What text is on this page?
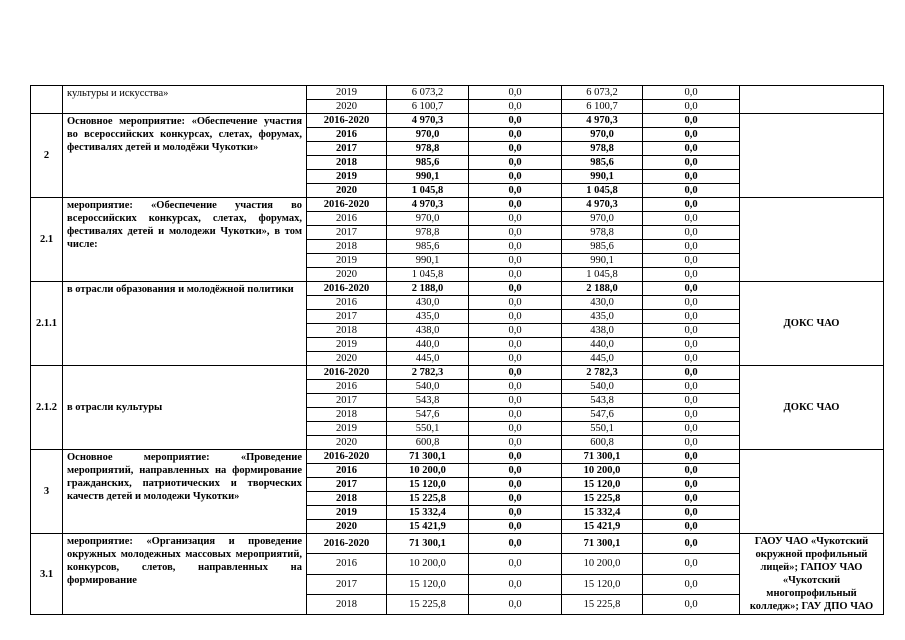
	культуры и искусства»	2019	6 073,2	0,0	6 073,2	0,0	
		2020	6 100,7	0,0	6 100,7	0,0	
2	Основное мероприятие: «Обеспечение участия во всероссийских конкурсах, слетах, форумах, фестивалях детей и молодёжи Чукотки»	2016-2020	4 970,3	0,0	4 970,3	0,0	
		2016	970,0	0,0	970,0	0,0	
		2017	978,8	0,0	978,8	0,0	
		2018	985,6	0,0	985,6	0,0	
		2019	990,1	0,0	990,1	0,0	
		2020	1 045,8	0,0	1 045,8	0,0	
2.1	мероприятие: «Обеспечение участия во всероссийских конкурсах, слетах, форумах, фестивалях детей и молодежи Чукотки», в том числе:	2016-2020	4 970,3	0,0	4 970,3	0,0	
		2016	970,0	0,0	970,0	0,0	
		2017	978,8	0,0	978,8	0,0	
		2018	985,6	0,0	985,6	0,0	
		2019	990,1	0,0	990,1	0,0	
		2020	1 045,8	0,0	1 045,8	0,0	
2.1.1	в отрасли образования и молодёжной политики	2016-2020	2 188,0	0,0	2 188,0	0,0	ДОКС ЧАО
		2016	430,0	0,0	430,0	0,0	
		2017	435,0	0,0	435,0	0,0	
		2018	438,0	0,0	438,0	0,0	
		2019	440,0	0,0	440,0	0,0	
		2020	445,0	0,0	445,0	0,0	
2.1.2	в отрасли культуры	2016-2020	2 782,3	0,0	2 782,3	0,0	ДОКС ЧАО
		2016	540,0	0,0	540,0	0,0	
		2017	543,8	0,0	543,8	0,0	
		2018	547,6	0,0	547,6	0,0	
		2019	550,1	0,0	550,1	0,0	
		2020	600,8	0,0	600,8	0,0	
3	Основное мероприятие: «Проведение мероприятий, направленных на формирование гражданских, патриотических и творческих качеств детей и молодежи Чукотки»	2016-2020	71 300,1	0,0	71 300,1	0,0	
		2016	10 200,0	0,0	10 200,0	0,0	
		2017	15 120,0	0,0	15 120,0	0,0	
		2018	15 225,8	0,0	15 225,8	0,0	
		2019	15 332,4	0,0	15 332,4	0,0	
		2020	15 421,9	0,0	15 421,9	0,0	
3.1	мероприятие: «Организация и проведение окружных молодежных массовых мероприятий, конкурсов, слетов, направленных на формирование	2016-2020	71 300,1	0,0	71 300,1	0,0	ГАОУ ЧАО «Чукотский окружной профильный лицей»; ГАПОУ ЧАО «Чукотский многопрофильный колледж»; ГАУ ДПО ЧАО
		2016	10 200,0	0,0	10 200,0	0,0	
		2017	15 120,0	0,0	15 120,0	0,0	
		2018	15 225,8	0,0	15 225,8	0,0	
